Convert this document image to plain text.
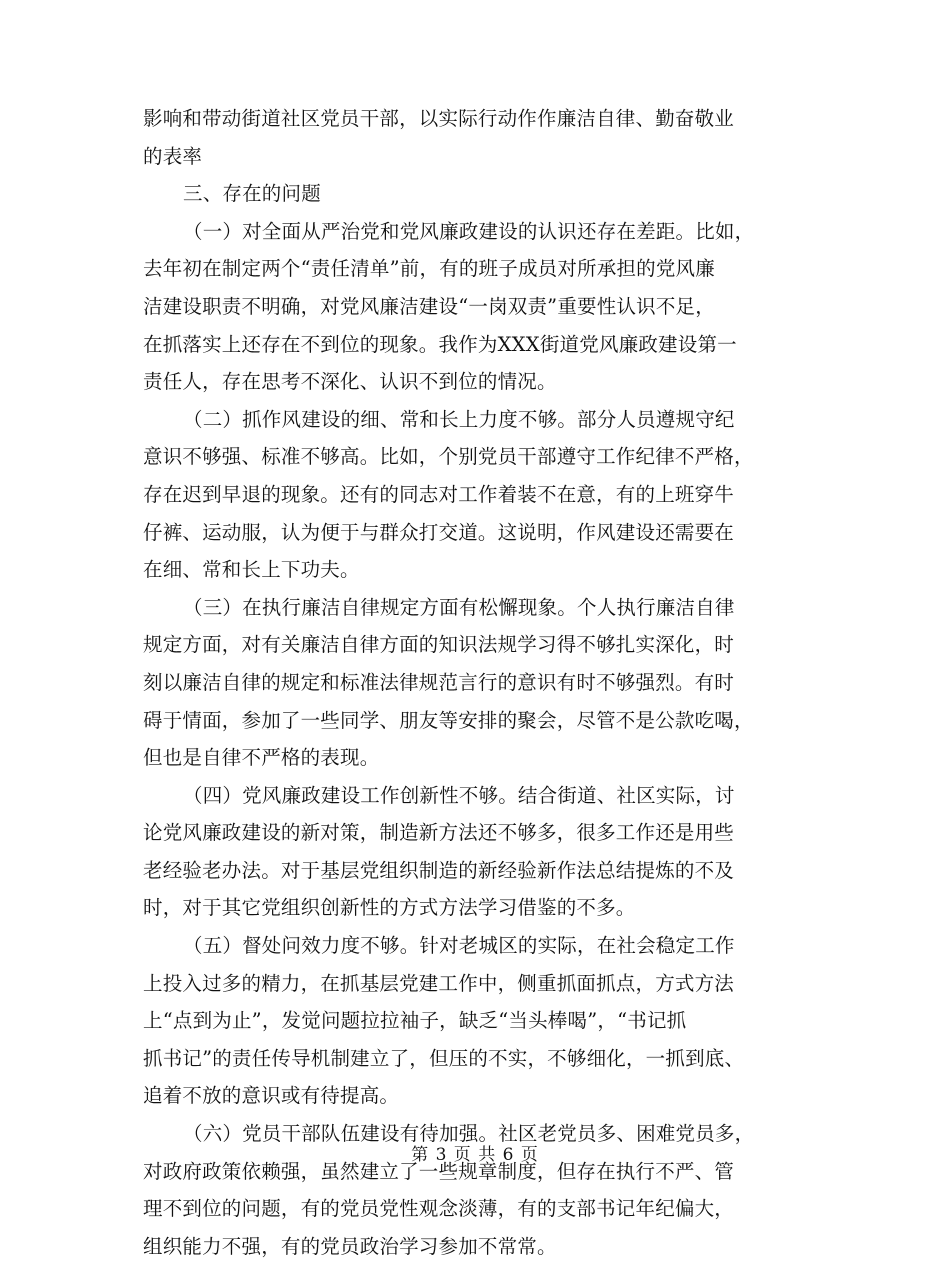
影响和带动街道社区党员干部，以实际行动作作廉洁自律、勤奋敬业
的表率
三、存在的问题
（一）对全面从严治党和党风廉政建设的认识还存在差距。比如，
去年初在制定两个“责任清单”前，有的班子成员对所承担的党风廉
洁建设职责不明确，对党风廉洁建设“一岗双责”重要性认识不足，
在抓落实上还存在不到位的现象。我作为XXX街道党风廉政建设第一
责任人，存在思考不深化、认识不到位的情况。
（二）抓作风建设的细、常和长上力度不够。部分人员遵规守纪
意识不够强、标准不够高。比如，个别党员干部遵守工作纪律不严格，
存在迟到早退的现象。还有的同志对工作着装不在意，有的上班穿牛
仔裤、运动服，认为便于与群众打交道。这说明，作风建设还需要在
在细、常和长上下功夫。
（三）在执行廉洁自律规定方面有松懈现象。个人执行廉洁自律
规定方面，对有关廉洁自律方面的知识法规学习得不够扎实深化，时
刻以廉洁自律的规定和标准法律规范言行的意识有时不够强烈。有时
碍于情面，参加了一些同学、朋友等安排的聚会，尽管不是公款吃喝，
但也是自律不严格的表现。
（四）党风廉政建设工作创新性不够。结合街道、社区实际，讨
论党风廉政建设的新对策，制造新方法还不够多，很多工作还是用些
老经验老办法。对于基层党组织制造的新经验新作法总结提炼的不及
时，对于其它党组织创新性的方式方法学习借鉴的不多。
（五）督处问效力度不够。针对老城区的实际，在社会稳定工作
上投入过多的精力，在抓基层党建工作中，侧重抓面抓点，方式方法
上“点到为止”，发觉问题拉拉袖子，缺乏“当头棒喝”，“书记抓
抓书记”的责任传导机制建立了，但压的不实，不够细化，一抓到底、
追着不放的意识或有待提高。
（六）党员干部队伍建设有待加强。社区老党员多、困难党员多，
对政府政策依赖强，虽然建立了一些规章制度，但存在执行不严、管
理不到位的问题，有的党员党性观念淡薄，有的支部书记年纪偏大，
组织能力不强，有的党员政治学习参加不常常。
第 3 页 共 6 页
